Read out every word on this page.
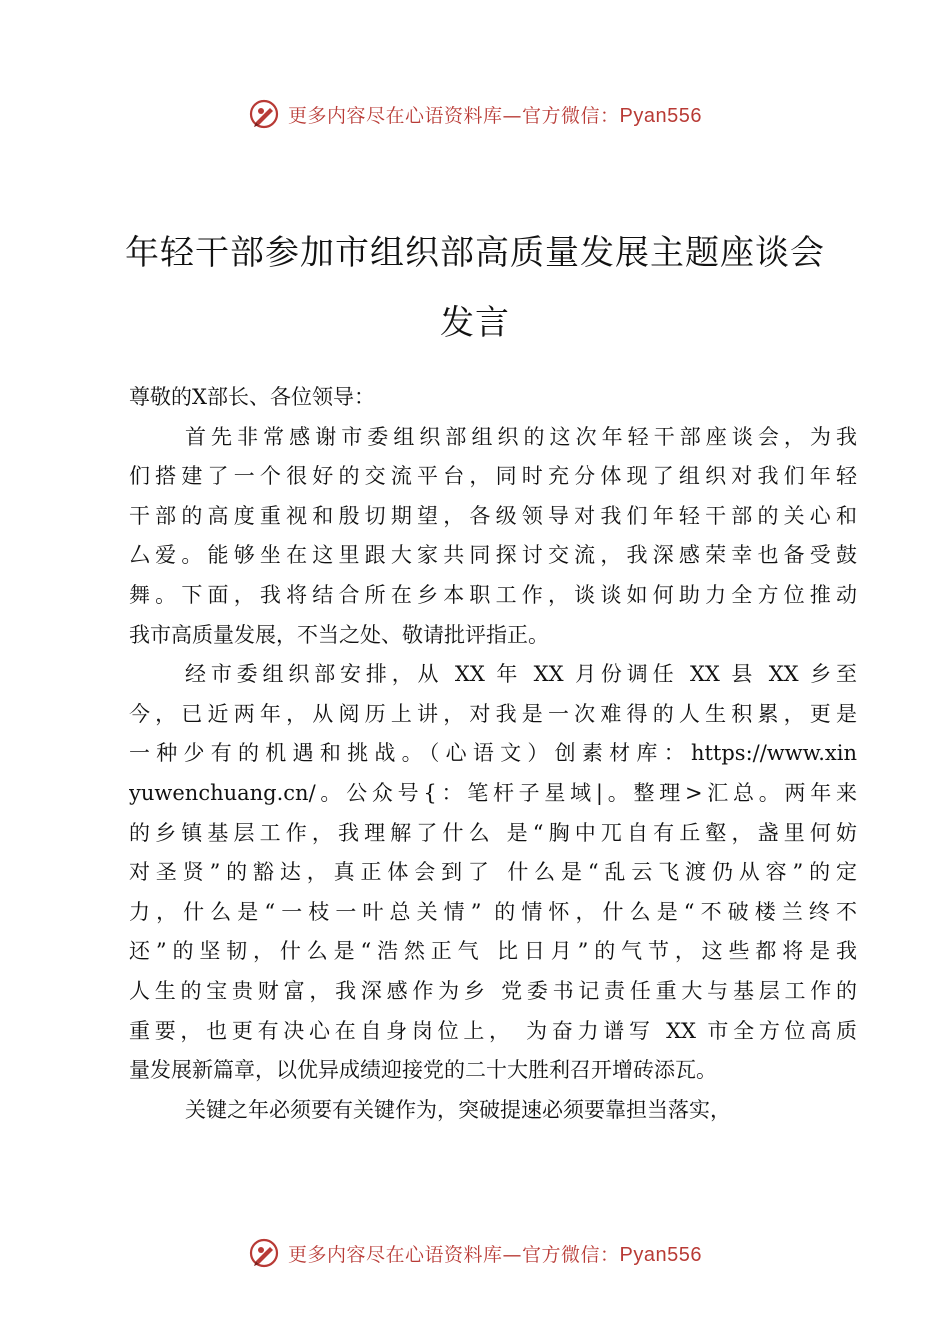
更多内容尽在心语资料库—官方微信：Pyan556
年轻干部参加市组织部高质量发展主题座谈会
发言
尊敬的X部长、各位领导：
首先非常感谢市委组织部组织的这次年轻干部座谈会，为我
们搭建了一个很好的交流平台，同时充分体现了组织对我们年轻
干部的高度重视和殷切期望，各级领导对我们年轻干部的关心和
厶爱。能够坐在这里跟大家共同探讨交流，我深感荣幸也备受鼓
舞。下面，我将结合所在乡本职工作，谈谈如何助力全方位推动
我市高质量发展，不当之处、敬请批评指正。
经市委组织部安排，从 XX 年 XX 月份调任 XX 县 XX 乡至
今，已近两年，从阅历上讲，对我是一次难得的人生积累，更是
一种少有的机遇和挑战。（心语文）创素材库：https://www.xin
yuwenchuang.cn/。公众号{：笔杆子星域|。整理>汇总。两年来
的乡镇基层工作，我理解了什么 是“胸中兀自有丘壑，盏里何妨
对圣贤”的豁达，真正体会到了 什么是“乱云飞渡仍从容”的定
力，什么是“一枝一叶总关情” 的情怀，什么是“不破楼兰终不
还”的坚韧，什么是“浩然正气 比日月”的气节，这些都将是我
人生的宝贵财富，我深感作为乡 党委书记责任重大与基层工作的
重要，也更有决心在自身岗位上， 为奋力谱写 XX 市全方位高质
量发展新篇章，以优异成绩迎接党的二十大胜利召开增砖添瓦。
关键之年必须要有关键作为，突破提速必须要靠担当落实，
更多内容尽在心语资料库—官方微信：Pyan556
